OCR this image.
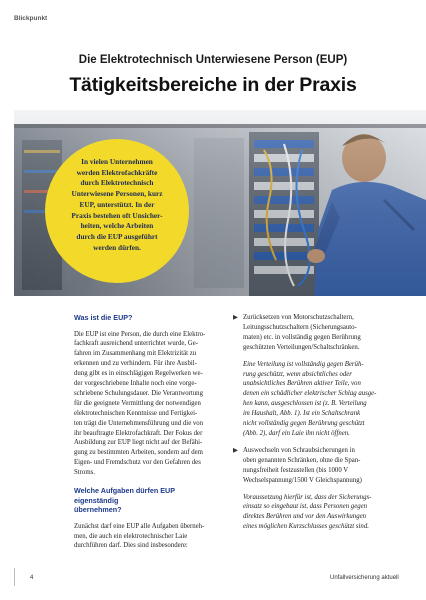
Blickpunkt
Die Elektrotechnisch Unterwiesene Person (EUP)
Tätigkeitsbereiche in der Praxis
In vielen Unternehmen
werden Elektrofachkräfte
durch Elektrotechnisch
Unterwiesene Personen, kurz
EUP, unterstützt. In der
Praxis bestehen oft Unsicher-
heiten, welche Arbeiten
durch die EUP ausgeführt
werden dürfen.
Was ist die EUP?
Die EUP ist eine Person, die durch eine Elektro-
fachkraft ausreichend unterrichtet wurde, Ge-
fahren im Zusammenhang mit Elektrizität zu
erkennen und zu verhindern. Für ihre Ausbil-
dung gibt es in einschlägigen Regelwerken we-
der vorgeschriebene Inhalte noch eine vorge-
schriebene Schulungsdauer. Die Verantwortung
für die geeignete Vermittlung der notwendigen
elektrotechnischen Kenntnisse und Fertigkei-
ten trägt die Unternehmensführung und die von
ihr beauftragte Elektrofachkraft. Der Fokus der
Ausbildung zur EUP liegt nicht auf der Befähi-
gung zu bestimmten Arbeiten, sondern auf dem
Eigen- und Fremdschutz vor den Gefahren des
Stroms.
Welche Aufgaben dürfen EUP eigenständig
übernehmen?
Zunächst darf eine EUP alle Aufgaben überneh-
men, die auch ein elektrotechnischer Laie
durchführen darf. Dies sind insbesondere:
▶ Zurücksetzen von Motorschutzschaltern,
Leitungsschutzschaltern (Sicherungsauto-
maten) etc. in vollständig gegen Berührung
geschützten Verteilungen/Schaltschränken.
Eine Verteilung ist vollständig gegen Berüh-
rung geschützt, wenn absichtliches oder
unabsichtliches Berühren aktiver Teile, von
denen ein schädlicher elektrischer Schlag ausge-
hen kann, ausgeschlossen ist (z. B. Verteilung
im Haushalt, Abb. 1). Ist ein Schaltschrank
nicht vollständig gegen Berührung geschützt
(Abb. 2), darf ein Laie ihn nicht öffnen.
▶ Auswechseln von Schraubsicherungen in
oben genannten Schränken, ohne die Span-
nungsfreiheit festzustellen (bis 1000 V
Wechselspannung/1500 V Gleichspannung)
Voraussetzung hierfür ist, dass der Sicherungs-
einsatz so eingebaut ist, dass Personen gegen
direktes Berühren und vor den Auswirkungen
eines möglichen Kurzschlusses geschützt sind.
4	Unfallversicherung aktuell
